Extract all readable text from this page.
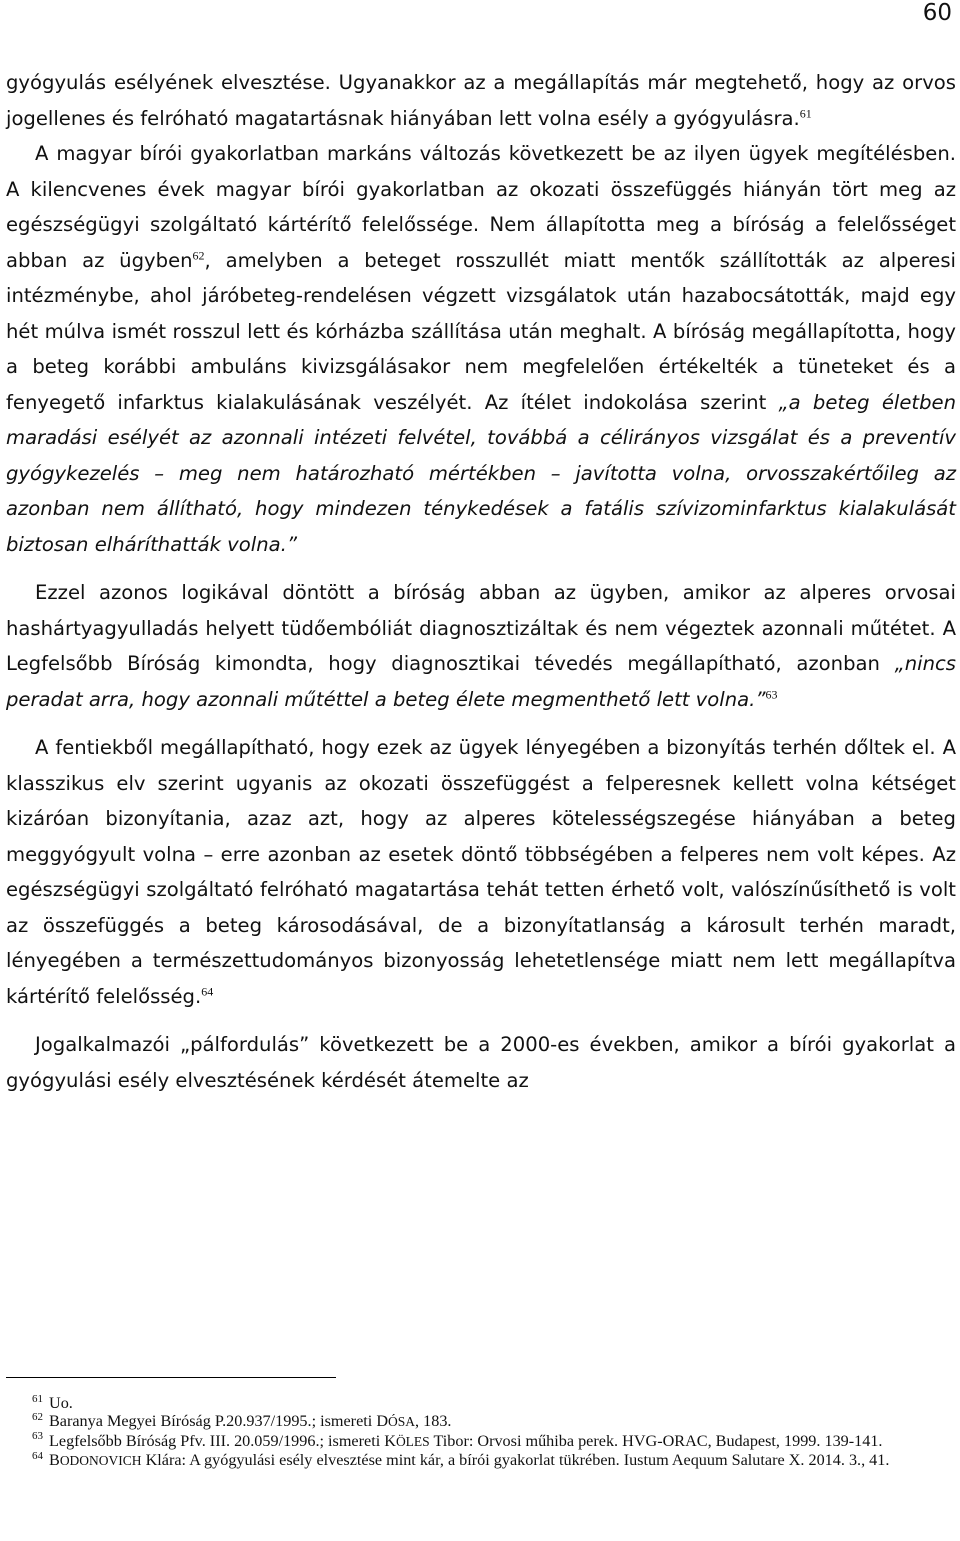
60

gyógyulás esélyének elvesztése. Ugyanakkor az a megállapítás már megtehető, hogy az orvos jogellenes és felróható magatartásnak hiányában lett volna esély a gyógyulásra.$^{61}$

A magyar bírói gyakorlatban markáns változás következett be az ilyen ügyek megítélésben. A kilencvenes évek magyar bírói gyakorlatban az okozati összefüggés hiányán tört meg az egészségügyi szolgáltató kártérítő felelőssége. Nem állapította meg a bíróság a felelősséget abban az ügyben$^{62}$, amelyben a beteget rosszullét miatt mentők szállították az alperesi intézménybe, ahol járóbeteg-rendelésen végzett vizsgálatok után hazabocsátották, majd egy hét múlva ismét rosszul lett és kórházba szállítása után meghalt. A bíróság megállapította, hogy a beteg korábbi ambuláns kivizsgálásakor nem megfelelően értékelték a tüneteket és a fenyegető infarktus kialakulásának veszélyét. Az ítélet indokolása szerint „a beteg életben maradási esélyét az azonnali intézeti felvétel, továbbá a célirányos vizsgálat és a preventív gyógykezelés – meg nem határozható mértékben – javította volna, orvosszakértőileg az azonban nem állítható, hogy mindezen ténykedések a fatális szívizominfarktus kialakulását biztosan elháríthatták volna.”

Ezzel azonos logikával döntött a bíróság abban az ügyben, amikor az alperes orvosai hashártyagyulladás helyett tüdőembóliát diagnosztizáltak és nem végeztek azonnali műtétet. A Legfelsőbb Bíróság kimondta, hogy diagnosztikai tévedés megállapítható, azonban „nincs peradat arra, hogy azonnali műtéttel a beteg élete megmenthető lett volna.”$^{63}$

A fentiekből megállapítható, hogy ezek az ügyek lényegében a bizonyítás terhén dőltek el. A klasszikus elv szerint ugyanis az okozati összefüggést a felperesnek kellett volna kétséget kizáróan bizonyítania, azaz azt, hogy az alperes kötelességszegése hiányában a beteg meggyógyult volna – erre azonban az esetek döntő többségében a felperes nem volt képes. Az egészségügyi szolgáltató felróható magatartása tehát tetten érhető volt, valószínűsíthető is volt az összefüggés a beteg károsodásával, de a bizonyítatlanság a károsult terhén maradt, lényegében a természettudományos bizonyosság lehetetlensége miatt nem lett megállapítva kártérítő felelősség.$^{64}$

Jogalkalmazói „pálfordulás” következett be a 2000-es években, amikor a bírói gyakorlat a gyógyulási esély elvesztésének kérdését átemelte az

$^{61}$ Uo.

$^{62}$ Baranya Megyei Bíróság P.20.937/1995.; ismereti DÓSA, 183.

$^{63}$ Legfelsőbb Bíróság Pfv. III. 20.059/1996.; ismereti KÖLES Tibor: Orvosi műhiba perek. HVG-ORAC, Budapest, 1999. 139-141.

$^{64}$ BODONOVICH Klára: A gyógyulási esély elvesztése mint kár, a bírói gyakorlat tükrében. Iustum Aequum Salutare X. 2014. 3., 41.
